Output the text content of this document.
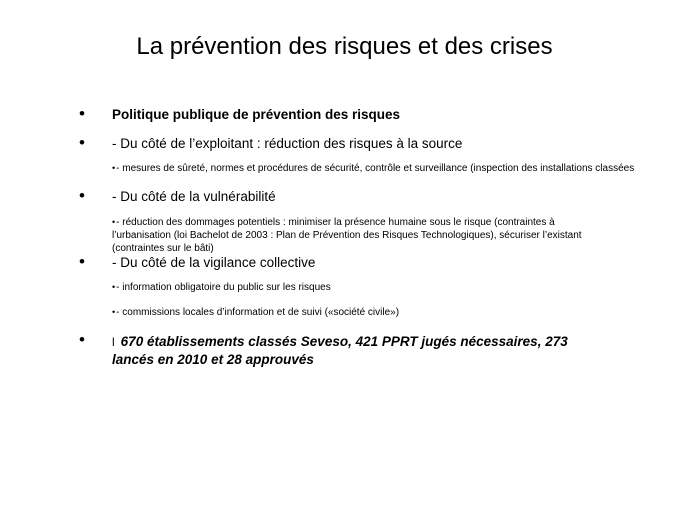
La prévention des risques et des crises
• Politique publique de prévention des risques
• - Du côté de l’exploitant : réduction des risques à la source
•- mesures de sûreté, normes et procédures de sécurité, contrôle et surveillance (inspection des installations classées
• - Du côté de la vulnérabilité
•- réduction des dommages potentiels : minimiser la présence humaine sous le risque (contraintes à l’urbanisation (loi Bachelot de 2003 : Plan de Prévention des Risques Technologiques), sécuriser l’existant (contraintes sur le bâti)
• - Du côté de la vigilance collective
•- information obligatoire du public sur les risques
•- commissions locales d’information et de suivi («société civile»)
• l 670 établissements classés Seveso, 421 PPRT jugés nécessaires, 273 lancés en 2010 et 28 approuvés
